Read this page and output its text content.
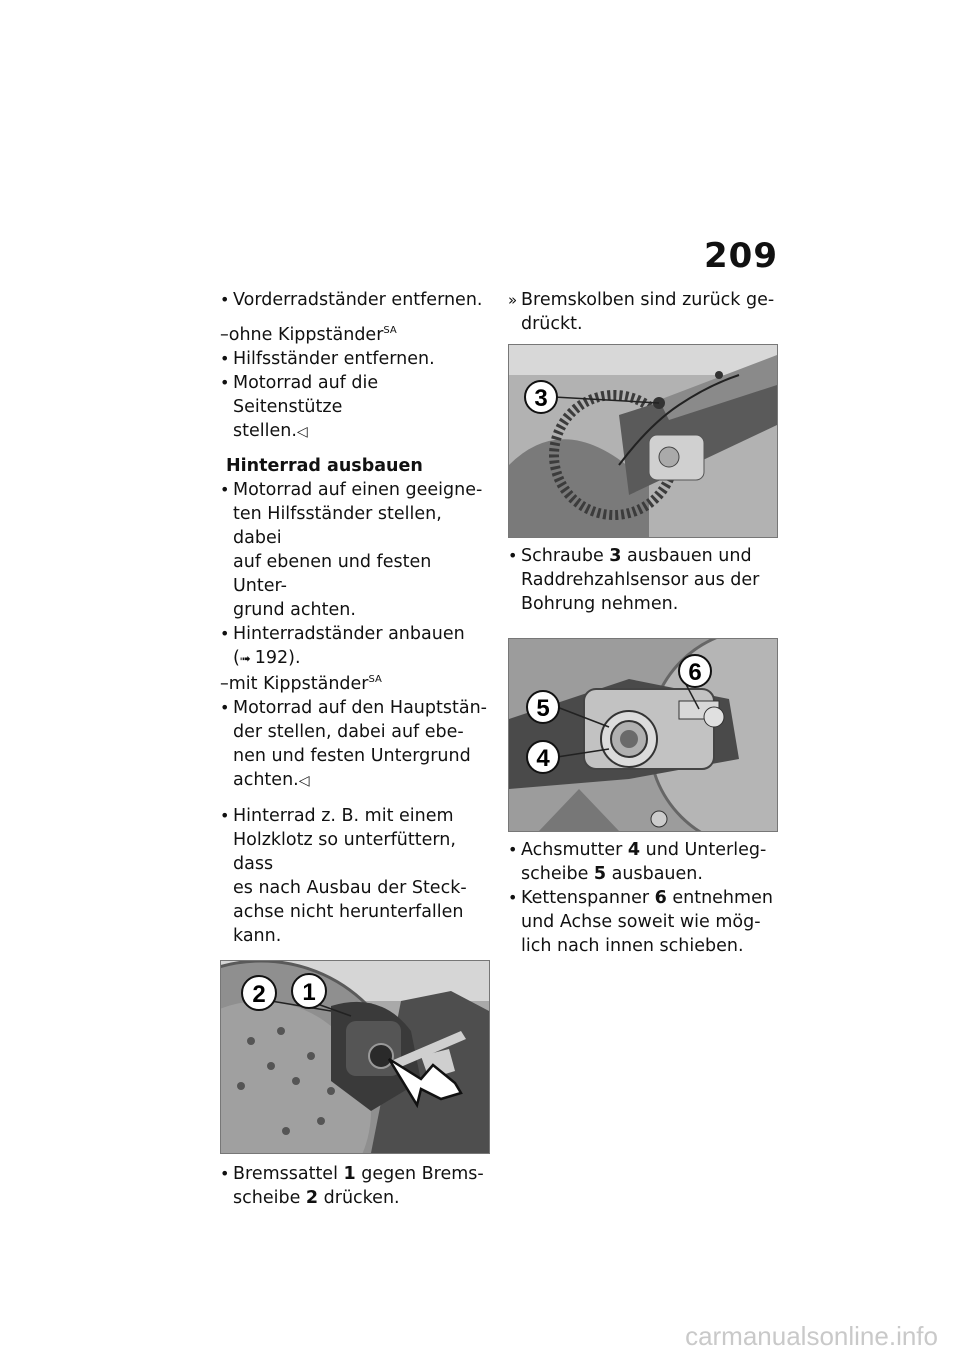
209
• Vorderradständer entfernen.
–ohne Kippständer$^{SA}$
• Hilfsständer entfernen.
• Motorrad auf die Seitenstütze
stellen.◁
Hinterrad ausbauen
• Motorrad auf einen geeigne-
ten Hilfsständer stellen, dabei
auf ebenen und festen Unter-
grund achten.
• Hinterradständer anbauen
(➟ 192).
–mit Kippständer$^{SA}$
• Motorrad auf den Hauptstän-
der stellen, dabei auf ebe-
nen und festen Untergrund
achten.◁
• Hinterrad z. B. mit einem
Holzklotz so unterfüttern, dass
es nach Ausbau der Steck-
achse nicht herunterfallen
kann.
2 1
• Bremssattel 1 gegen Brems-
scheibe 2 drücken.
» Bremskolben sind zurück ge-
drückt.
3
• Schraube 3 ausbauen und
Raddrehzahlsensor aus der
Bohrung nehmen.
6
5
4
• Achsmutter 4 und Unterleg-
scheibe 5 ausbauen.
• Kettenspanner 6 entnehmen
und Achse soweit wie mög-
lich nach innen schieben.
carmanualsonline.info
